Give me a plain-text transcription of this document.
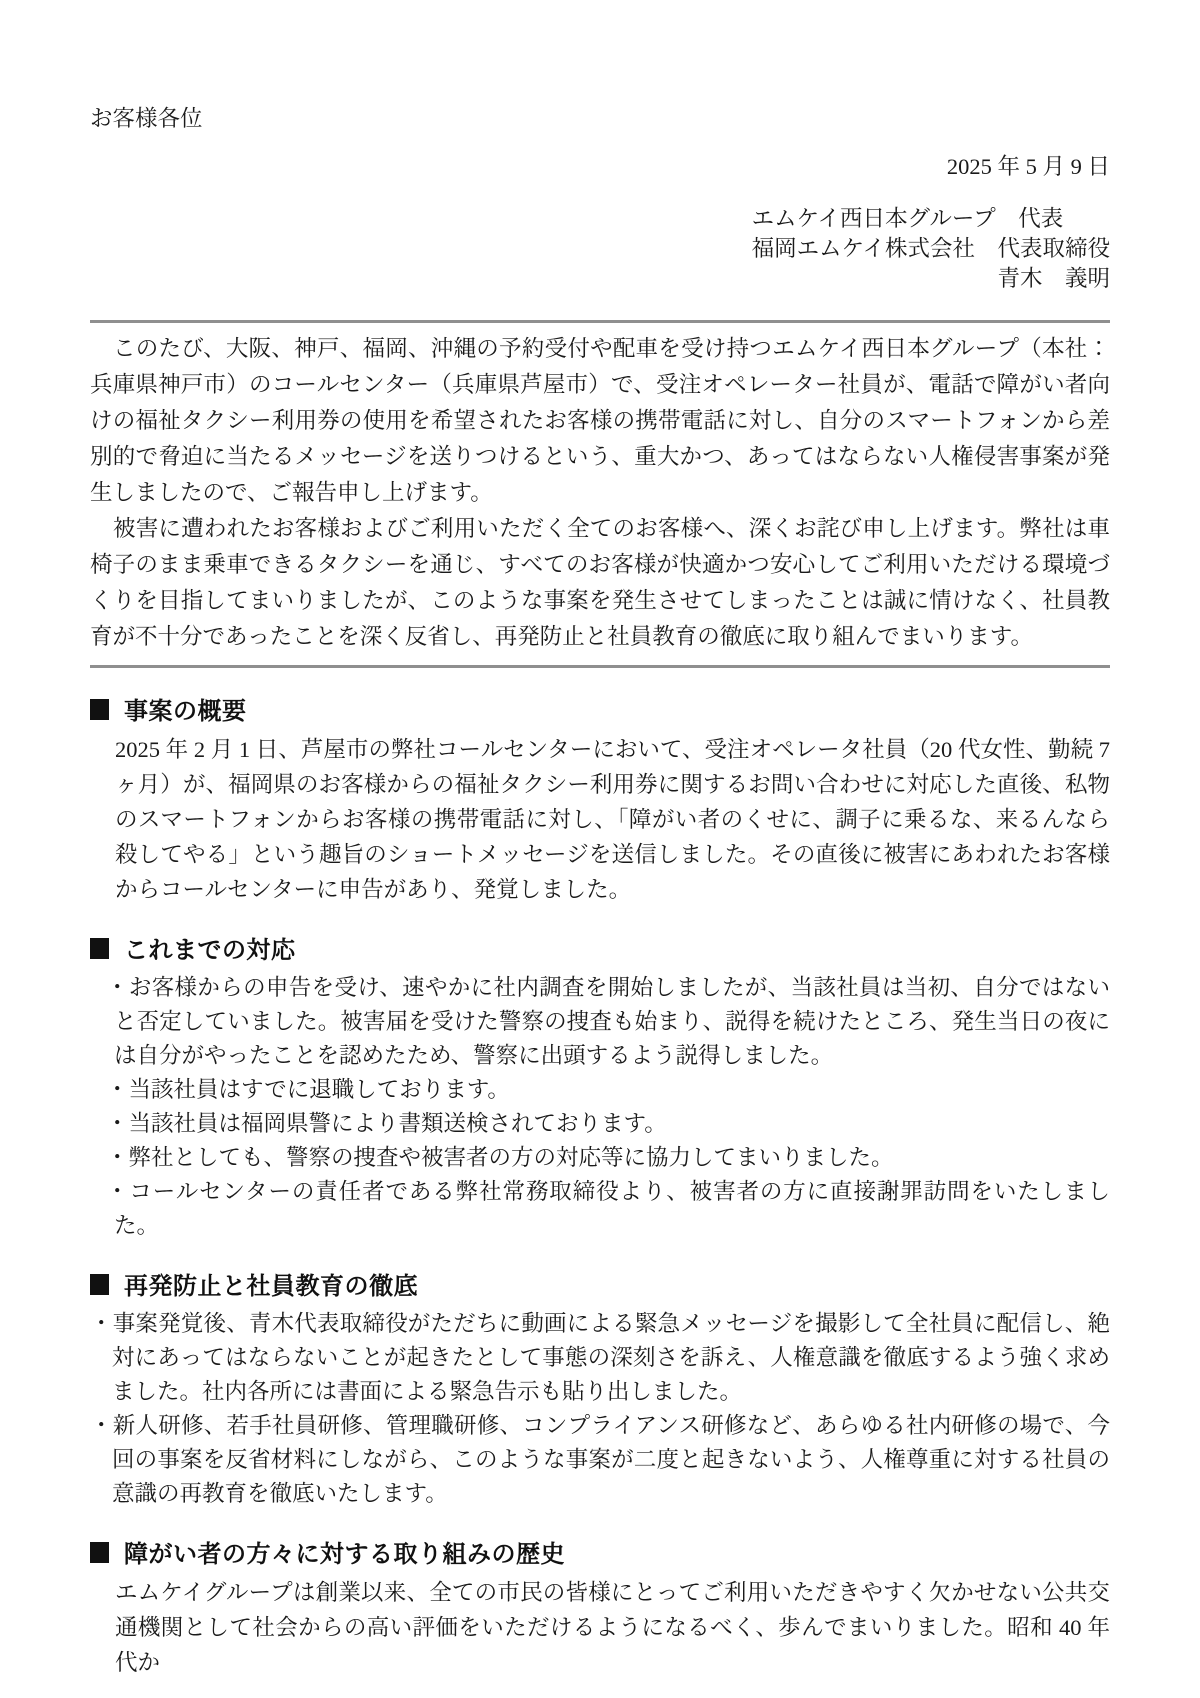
お客様各位
2025 年 5 月 9 日
エムケイ西日本グループ　代表
福岡エムケイ株式会社　代表取締役
青木　義明

このたび、大阪、神戸、福岡、沖縄の予約受付や配車を受け持つエムケイ西日本グループ（本社：兵庫県神戸市）のコールセンター（兵庫県芦屋市）で、受注オペレーター社員が、電話で障がい者向けの福祉タクシー利用券の使用を希望されたお客様の携帯電話に対し、自分のスマートフォンから差別的で脅迫に当たるメッセージを送りつけるという、重大かつ、あってはならない人権侵害事案が発生しましたので、ご報告申し上げます。

被害に遭われたお客様およびご利用いただく全てのお客様へ、深くお詫び申し上げます。弊社は車椅子のまま乗車できるタクシーを通じ、すべてのお客様が快適かつ安心してご利用いただける環境づくりを目指してまいりましたが、このような事案を発生させてしまったことは誠に情けなく、社員教育が不十分であったことを深く反省し、再発防止と社員教育の徹底に取り組んでまいります。

事案の概要

2025 年 2 月 1 日、芦屋市の弊社コールセンターにおいて、受注オペレータ社員（20 代女性、勤続 7 ヶ月）が、福岡県のお客様からの福祉タクシー利用券に関するお問い合わせに対応した直後、私物のスマートフォンからお客様の携帯電話に対し、「障がい者のくせに、調子に乗るな、来るんなら殺してやる」という趣旨のショートメッセージを送信しました。その直後に被害にあわれたお客様からコールセンターに申告があり、発覚しました。

これまでの対応
・お客様からの申告を受け、速やかに社内調査を開始しましたが、当該社員は当初、自分ではないと否定していました。被害届を受けた警察の捜査も始まり、説得を続けたところ、発生当日の夜には自分がやったことを認めたため、警察に出頭するよう説得しました。
・当該社員はすでに退職しております。
・当該社員は福岡県警により書類送検されております。
・弊社としても、警察の捜査や被害者の方の対応等に協力してまいりました。
・コールセンターの責任者である弊社常務取締役より、被害者の方に直接謝罪訪問をいたしました。
再発防止と社員教育の徹底
・事案発覚後、青木代表取締役がただちに動画による緊急メッセージを撮影して全社員に配信し、絶対にあってはならないことが起きたとして事態の深刻さを訴え、人権意識を徹底するよう強く求めました。社内各所には書面による緊急告示も貼り出しました。
・新人研修、若手社員研修、管理職研修、コンプライアンス研修など、あらゆる社内研修の場で、今回の事案を反省材料にしながら、このような事案が二度と起きないよう、人権尊重に対する社員の意識の再教育を徹底いたします。
障がい者の方々に対する取り組みの歴史

エムケイグループは創業以来、全ての市民の皆様にとってご利用いただきやすく欠かせない公共交通機関として社会からの高い評価をいただけるようになるべく、歩んでまいりました。昭和 40 年代か
